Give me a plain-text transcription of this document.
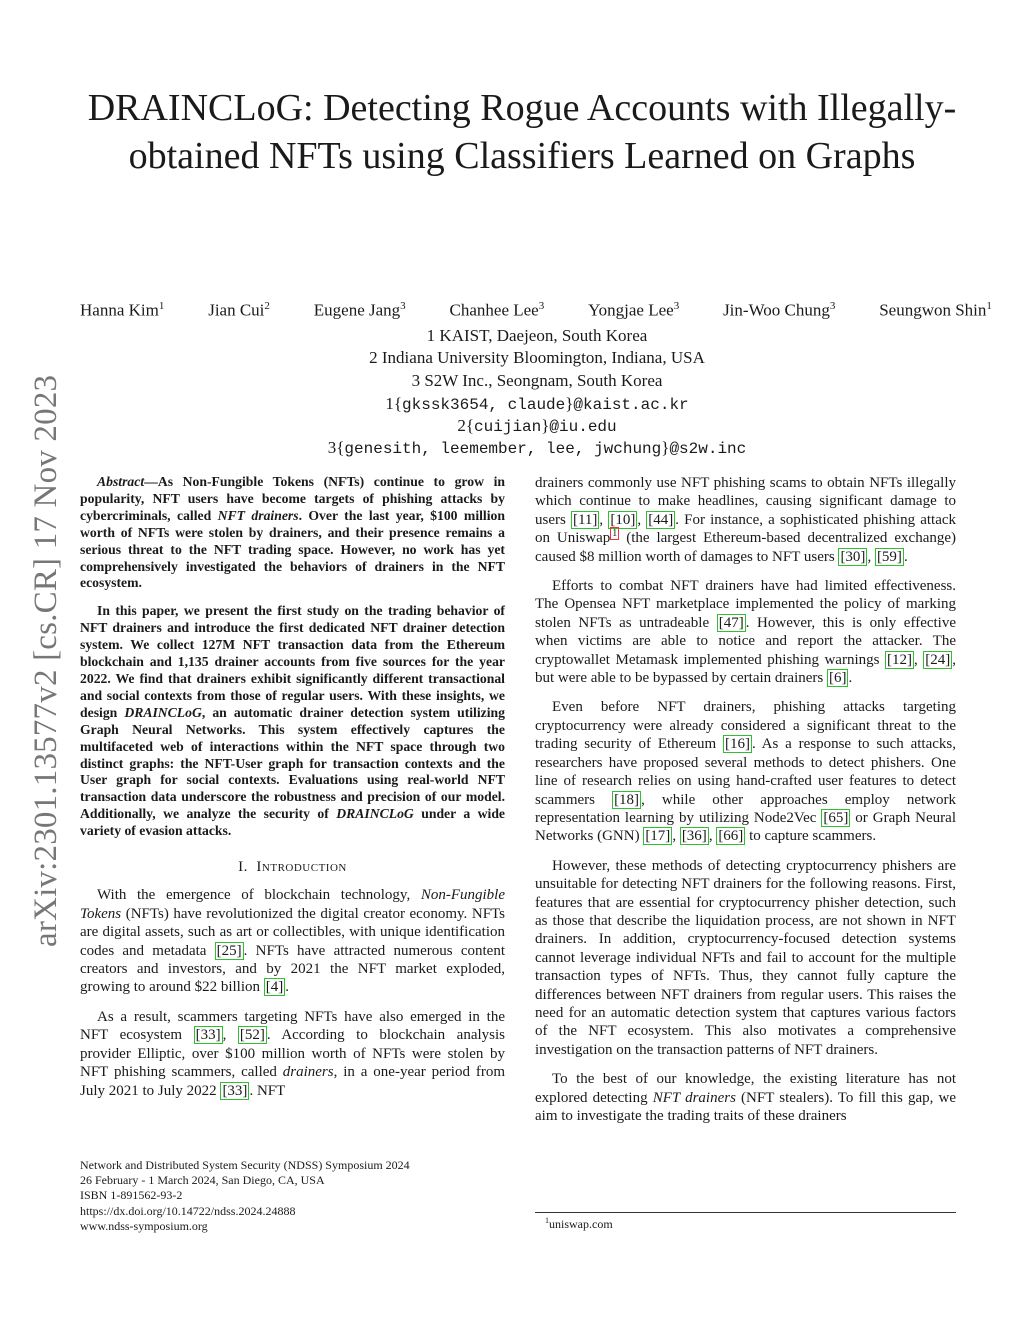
DRAINCLoG: Detecting Rogue Accounts with Illegally-obtained NFTs using Classifiers Learned on Graphs
Hanna Kim$^1$	Jian Cui$^2$	Eugene Jang$^3$	Chanhee Lee$^3$	Yongjae Lee$^3$	Jin-Woo Chung$^3$	Seungwon Shin$^1$
1 KAIST, Daejeon, South Korea
2 Indiana University Bloomington, Indiana, USA
3 S2W Inc., Seongnam, South Korea
1{gkssk3654, claude}@kaist.ac.kr
2{cuijian}@iu.edu
3{genesith, leemember, lee, jwchung}@s2w.inc
arXiv:2301.13577v2 [cs.CR] 17 Nov 2023	Abstract—As Non-Fungible Tokens (NFTs) continue to grow in popularity, NFT users have become targets of phishing attacks by cybercriminals, called NFT drainers. Over the last year, $100 million worth of NFTs were stolen by drainers, and their presence remains a serious threat to the NFT trading space. However, no work has yet comprehensively investigated the behaviors of drainers in the NFT ecosystem.

In this paper, we present the first study on the trading behavior of NFT drainers and introduce the first dedicated NFT drainer detection system. We collect 127M NFT transaction data from the Ethereum blockchain and 1,135 drainer accounts from five sources for the year 2022. We find that drainers exhibit significantly different transactional and social contexts from those of regular users. With these insights, we design DRAINCLoG, an automatic drainer detection system utilizing Graph Neural Networks. This system effectively captures the multifaceted web of interactions within the NFT space through two distinct graphs: the NFT-User graph for transaction contexts and the User graph for social contexts. Evaluations using real-world NFT transaction data underscore the robustness and precision of our model. Additionally, we analyze the security of DRAINCLoG under a wide variety of evasion attacks.

I. Introduction

With the emergence of blockchain technology, Non-Fungible Tokens (NFTs) have revolutionized the digital creator economy. NFTs are digital assets, such as art or collectibles, with unique identification codes and metadata [25] . NFTs have attracted numerous content creators and investors, and by 2021 the NFT market exploded, growing to around $22 billion [4] .

As a result, scammers targeting NFTs have also emerged in the NFT ecosystem [33] , [52] . According to blockchain analysis provider Elliptic, over $100 million worth of NFTs were stolen by NFT phishing scammers, called drainers, in a one-year period from July 2021 to July 2022 [33] . NFT

drainers commonly use NFT phishing scams to obtain NFTs illegally which continue to make headlines, causing significant damage to users [11] , [10] , [44] . For instance, a sophisticated phishing attack on Uniswap $^1$ (the largest Ethereum-based decentralized exchange) caused $8 million worth of damages to NFT users [30] , [59] .

Efforts to combat NFT drainers have had limited effectiveness. The Opensea NFT marketplace implemented the policy of marking stolen NFTs as untradeable [47] . However, this is only effective when victims are able to notice and report the attacker. The cryptowallet Metamask implemented phishing warnings [12] , [24] , but were able to be bypassed by certain drainers [6] .

Even before NFT drainers, phishing attacks targeting cryptocurrency were already considered a significant threat to the trading security of Ethereum [16] . As a response to such attacks, researchers have proposed several methods to detect phishers. One line of research relies on using hand-crafted user features to detect scammers [18] , while other approaches employ network representation learning by utilizing Node2Vec [65] or Graph Neural Networks (GNN) [17] , [36] , [66] to capture scammers.

However, these methods of detecting cryptocurrency phishers are unsuitable for detecting NFT drainers for the following reasons. First, features that are essential for cryptocurrency phisher detection, such as those that describe the liquidation process, are not shown in NFT drainers. In addition, cryptocurrency-focused detection systems cannot leverage individual NFTs and fail to account for the multiple transaction types of NFTs. Thus, they cannot fully capture the differences between NFT drainers from regular users. This raises the need for an automatic detection system that captures various factors of the NFT ecosystem. This also motivates a comprehensive investigation on the transaction patterns of NFT drainers.

To the best of our knowledge, the existing literature has not explored detecting NFT drainers (NFT stealers). To fill this gap, we aim to investigate the trading traits of these drainers

Network and Distributed System Security (NDSS) Symposium 2024
26 February - 1 March 2024, San Diego, CA, USA
ISBN 1-891562-93-2
https://dx.doi.org/10.14722/ndss.2024.24888
www.ndss-symposium.org	$^1$uniswap.com
